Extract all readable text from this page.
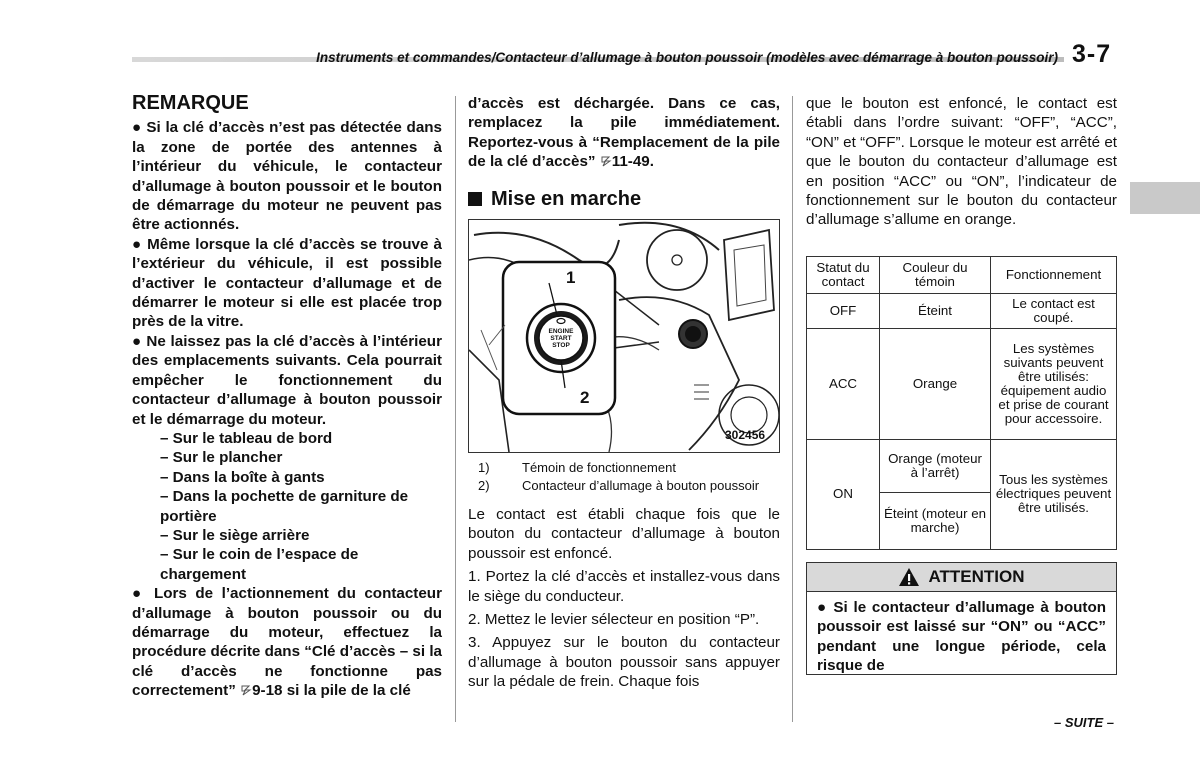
Instruments et commandes/Contacteur d’allumage à bouton poussoir (modèles avec démarrage à bouton poussoir) 3-7
REMARQUE

● Si la clé d’accès n’est pas détectée dans la zone de portée des antennes à l’intérieur du véhicule, le contacteur d’allumage à bouton poussoir et le bouton de démarrage du moteur ne peuvent pas être actionnés.

● Même lorsque la clé d’accès se trouve à l’extérieur du véhicule, il est possible d’activer le contacteur d’allumage et de démarrer le moteur si elle est placée trop près de la vitre.

● Ne laissez pas la clé d’accès à l’intérieur des emplacements suivants. Cela pourrait empêcher le fonctionnement du contacteur d’allumage à bouton poussoir et le démarrage du moteur.

– Sur le tableau de bord

– Sur le plancher

– Dans la boîte à gants

– Dans la pochette de garniture de portière

– Sur le siège arrière

– Sur le coin de l’espace de chargement

● Lors de l’actionnement du contacteur d’allumage à bouton poussoir ou du démarrage du moteur, effectuez la procédure décrite dans “Clé d’accès – si la clé d’accès ne fonctionne pas correctement” 9-18 si la pile de la clé

d’accès est déchargée. Dans ce cas, remplacez la pile immédiatement. Reportez-vous à “Remplacement de la pile de la clé d’accès” 11-49.

Mise en marche
1
2
ENGINE
START
STOP
302456
1)	Témoin de fonctionnement
2)	Contacteur d’allumage à bouton poussoir

Le contact est établi chaque fois que le bouton du contacteur d’allumage à bouton poussoir est enfoncé.

1. Portez la clé d’accès et installez-vous dans le siège du conducteur.

2. Mettez le levier sélecteur en position “P”.

3. Appuyez sur le bouton du contacteur d’allumage à bouton poussoir sans appuyer sur la pédale de frein. Chaque fois

que le bouton est enfoncé, le contact est établi dans l’ordre suivant: “OFF”, “ACC”, “ON” et “OFF”. Lorsque le moteur est arrêté et que le bouton du contacteur d’allumage est en position “ACC” ou “ON”, l’indicateur de fonctionnement sur le bouton du contacteur d’allumage s’allume en orange.

Statut du contact	Couleur du témoin	Fonctionnement
OFF	Éteint	Le contact est coupé.
ACC	Orange	Les systèmes suivants peuvent être utilisés: équipement audio et prise de courant pour accessoire.
ON	Orange (moteur à l’arrêt)	Tous les systèmes électriques peuvent être utilisés.
	Éteint (moteur en marche)	
ATTENTION

● Si le contacteur d’allumage à bouton poussoir est laissé sur “ON” ou “ACC” pendant une longue période, cela risque de

– SUITE –
